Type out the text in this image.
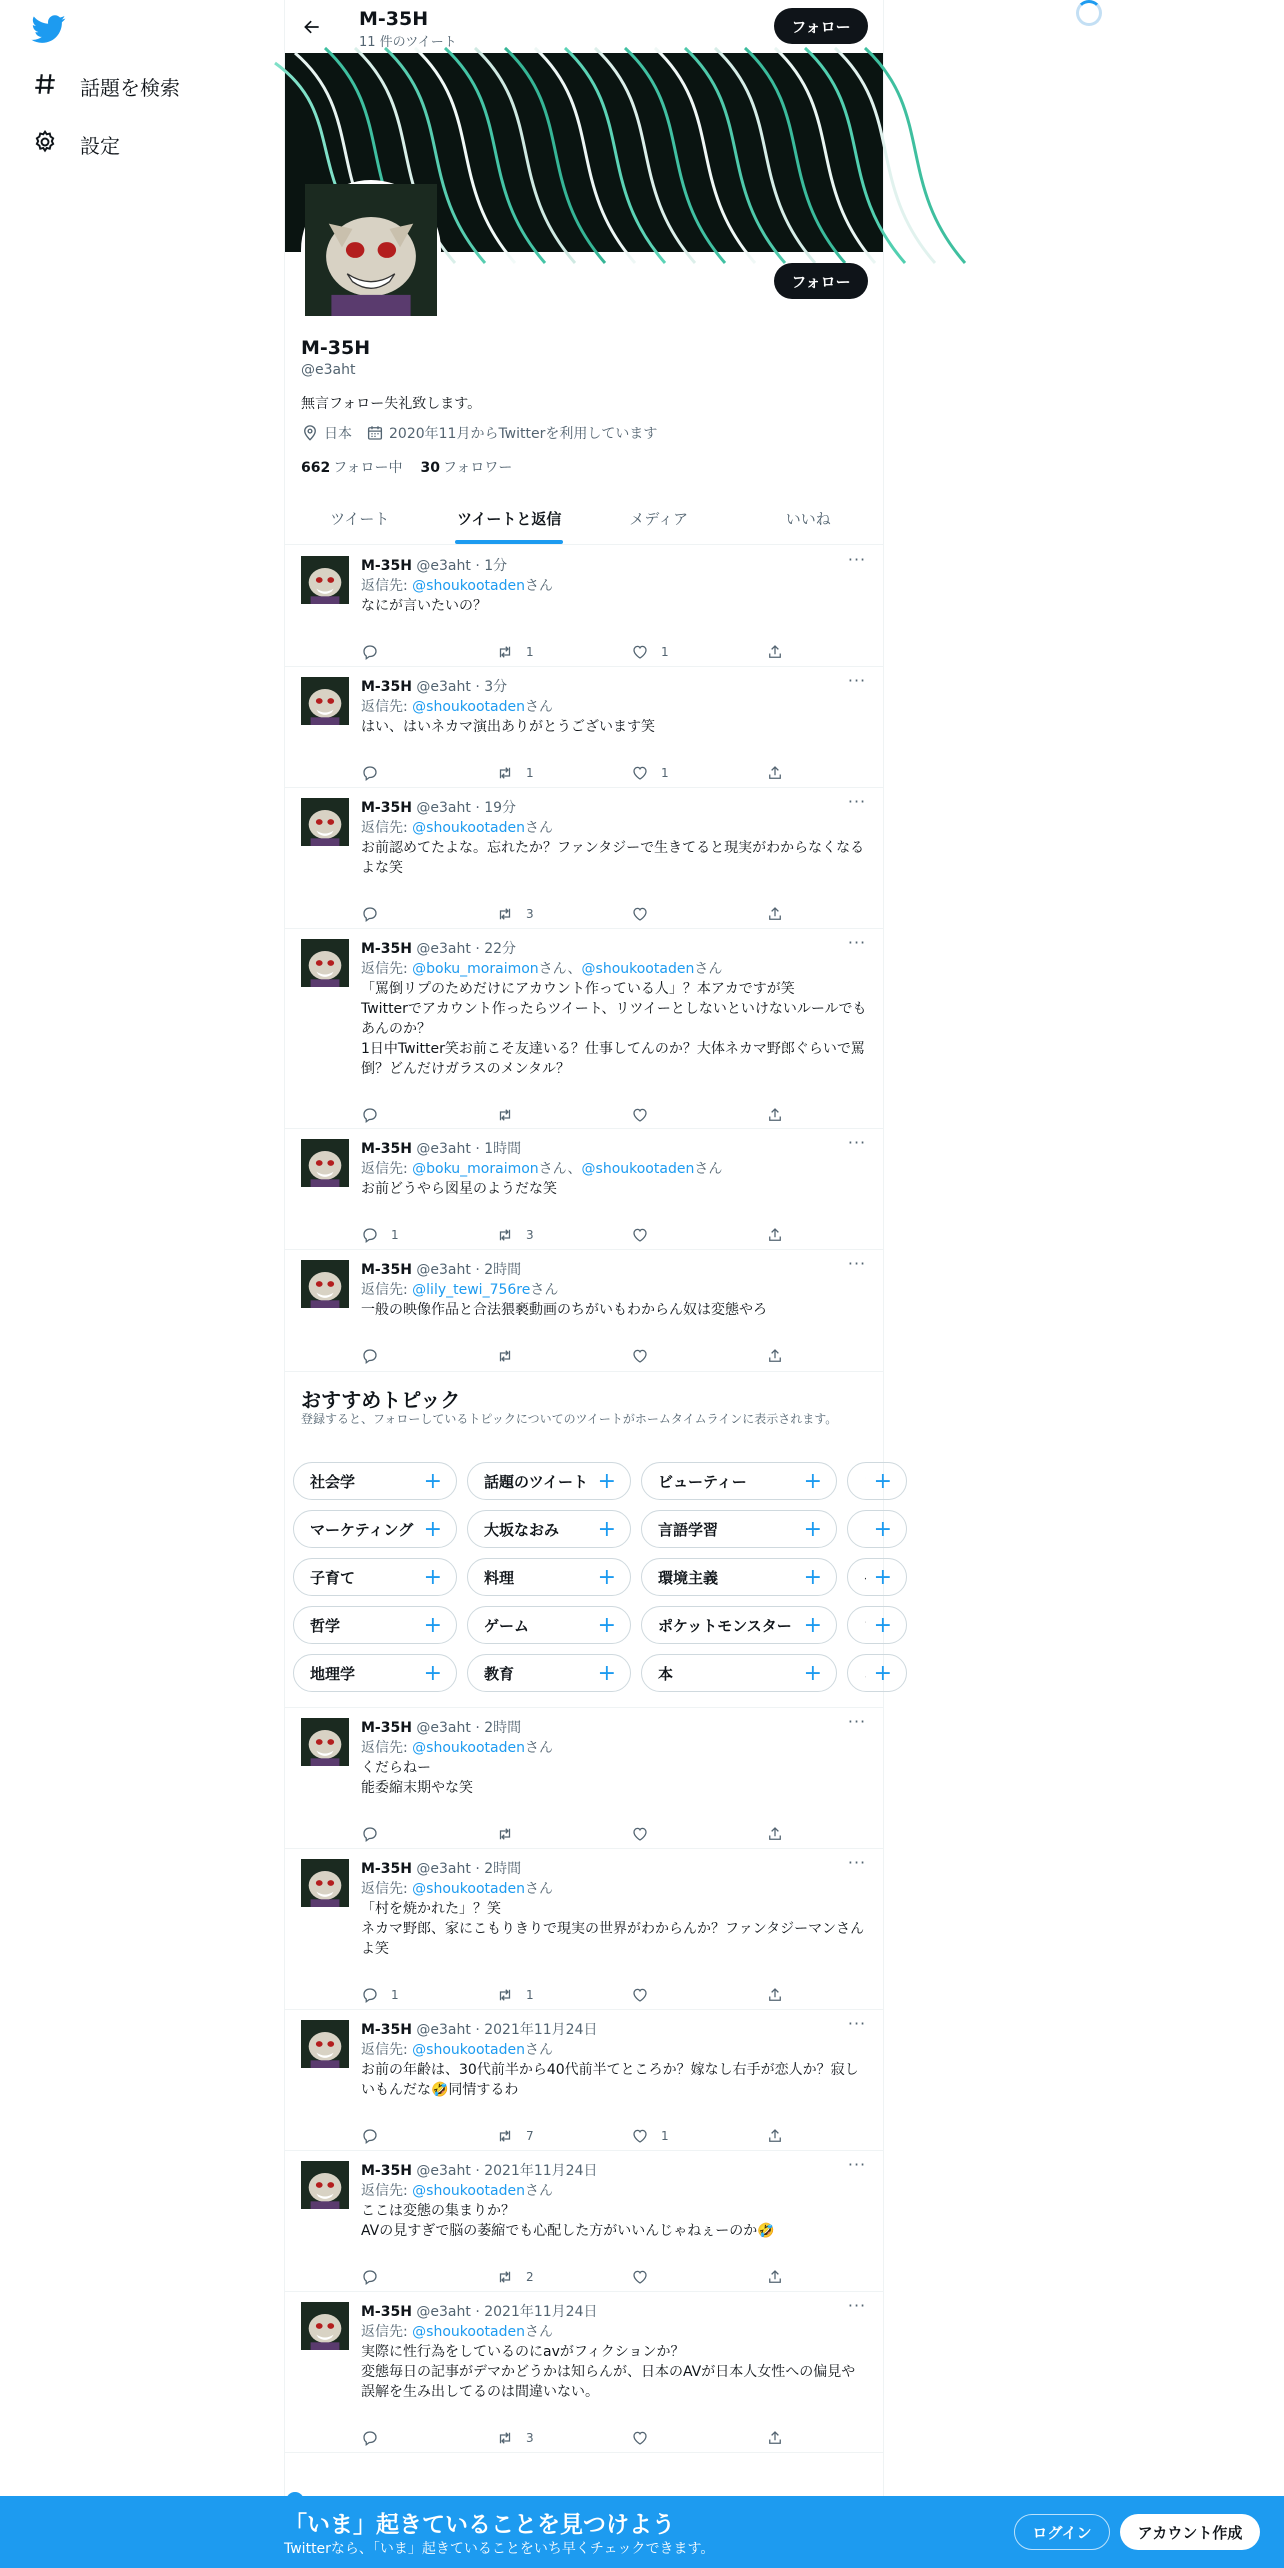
話題を検索
設定
M-35H
11 件のツイート
フォロー
フォロー
M-35H
@e3aht
無言フォロー失礼致します。
日本	2020年11月からTwitterを利用しています
662 フォロー中 30 フォロワー
ツイート	ツイートと返信	メディア	いいね
···
M-35H @e3aht · 1分
返信先: @shoukootadenさん
なにが言いたいの？
1	1
···
M-35H @e3aht · 3分
返信先: @shoukootadenさん
はい、はいネカマ演出ありがとうございます笑
1	1
···
M-35H @e3aht · 19分
返信先: @shoukootadenさん
お前認めてたよな。忘れたか？ファンタジーで生きてると現実がわからなくなるよな笑
3
···
M-35H @e3aht · 22分
返信先: @boku_moraimonさん、@shoukootadenさん
「罵倒リプのためだけにアカウント作っている人」？本アカですが笑
Twitterでアカウント作ったらツイート、リツイーとしないといけないルールでもあんのか？
1日中Twitter笑お前こそ友達いる？仕事してんのか？大体ネカマ野郎ぐらいで罵倒？どんだけガラスのメンタル？
···
M-35H @e3aht · 1時間
返信先: @boku_moraimonさん、@shoukootadenさん
お前どうやら図星のようだな笑
1	3
···
M-35H @e3aht · 2時間
返信先: @lily_tewi_756reさん
一般の映像作品と合法猥褻動画のちがいもわからん奴は変態やろ
おすすめトピック
登録すると、フォローしているトピックについてのツイートがホームタイムラインに表示されます。
社会学	+	話題のツイート +	ビューティー	+ +
マーケティング +	大坂なおみ	+	言語学習	+ +
子育て	+	料理	+	環境主義	+ +
哲学	+	ゲーム	+	ポケットモンスター + +
地理学	+	教育	+	本	+ +
···
M-35H @e3aht · 2時間
返信先: @shoukootadenさん
くだらねー
能委縮末期やな笑
···
M-35H @e3aht · 2時間
返信先: @shoukootadenさん
「村を焼かれた」？笑
ネカマ野郎、家にこもりきりで現実の世界がわからんか？ファンタジーマンさんよ笑
1	1
···
M-35H @e3aht · 2021年11月24日
返信先: @shoukootadenさん
お前の年齢は、30代前半から40代前半てところか？嫁なし右手が恋人か？寂しいもんだな🤣同情するわ
7	1
···
M-35H @e3aht · 2021年11月24日
返信先: @shoukootadenさん
ここは変態の集まりか？
AVの見すぎで脳の萎縮でも心配した方がいいんじゃねぇーのか🤣
2
···
M-35H @e3aht · 2021年11月24日
返信先: @shoukootadenさん
実際に性行為をしているのにavがフィクションか？
変態毎日の記事がデマかどうかは知らんが、日本のAVが日本人女性への偏見や誤解を生み出してるのは間違いない。
3
「いま」起きていることを見つけよう
Twitterなら、「いま」起きていることをいち早くチェックできます。
ログイン	アカウント作成
